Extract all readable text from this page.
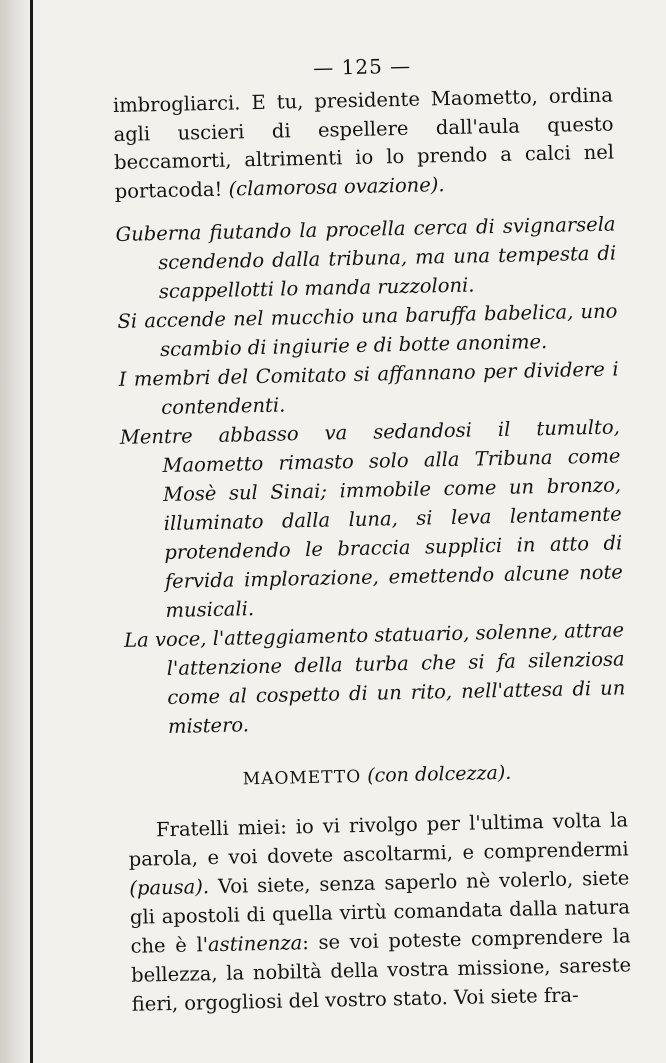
— 125 —

imbrogliarci. E tu, presidente Maometto, ordina agli uscieri di espellere dall'aula questo beccamorti, altrimenti io lo prendo a calci nel portacoda! (clamorosa ovazione).

Guberna fiutando la procella cerca di svignarsela scendendo dalla tribuna, ma una tempesta di scappellotti lo manda ruzzoloni.

Si accende nel mucchio una baruffa babelica, uno scambio di ingiurie e di botte anonime.

I membri del Comitato si affannano per dividere i contendenti.

Mentre abbasso va sedandosi il tumulto, Maometto rimasto solo alla Tribuna come Mosè sul Sinai; immobile come un bronzo, illuminato dalla luna, si leva lentamente protendendo le braccia supplici in atto di fervida implorazione, emettendo alcune note musicali.

La voce, l'atteggiamento statuario, solenne, attrae l'attenzione della turba che si fa silenziosa come al cospetto di un rito, nell'attesa di un mistero.

MAOMETTO (con dolcezza).

Fratelli miei: io vi rivolgo per l'ultima volta la parola, e voi dovete ascoltarmi, e comprendermi (pausa). Voi siete, senza saperlo nè volerlo, siete gli apostoli di quella virtù comandata dalla natura che è l'astinenza: se voi poteste comprendere la bellezza, la nobiltà della vostra missione, sareste fieri, orgogliosi del vostro stato. Voi siete fra-
